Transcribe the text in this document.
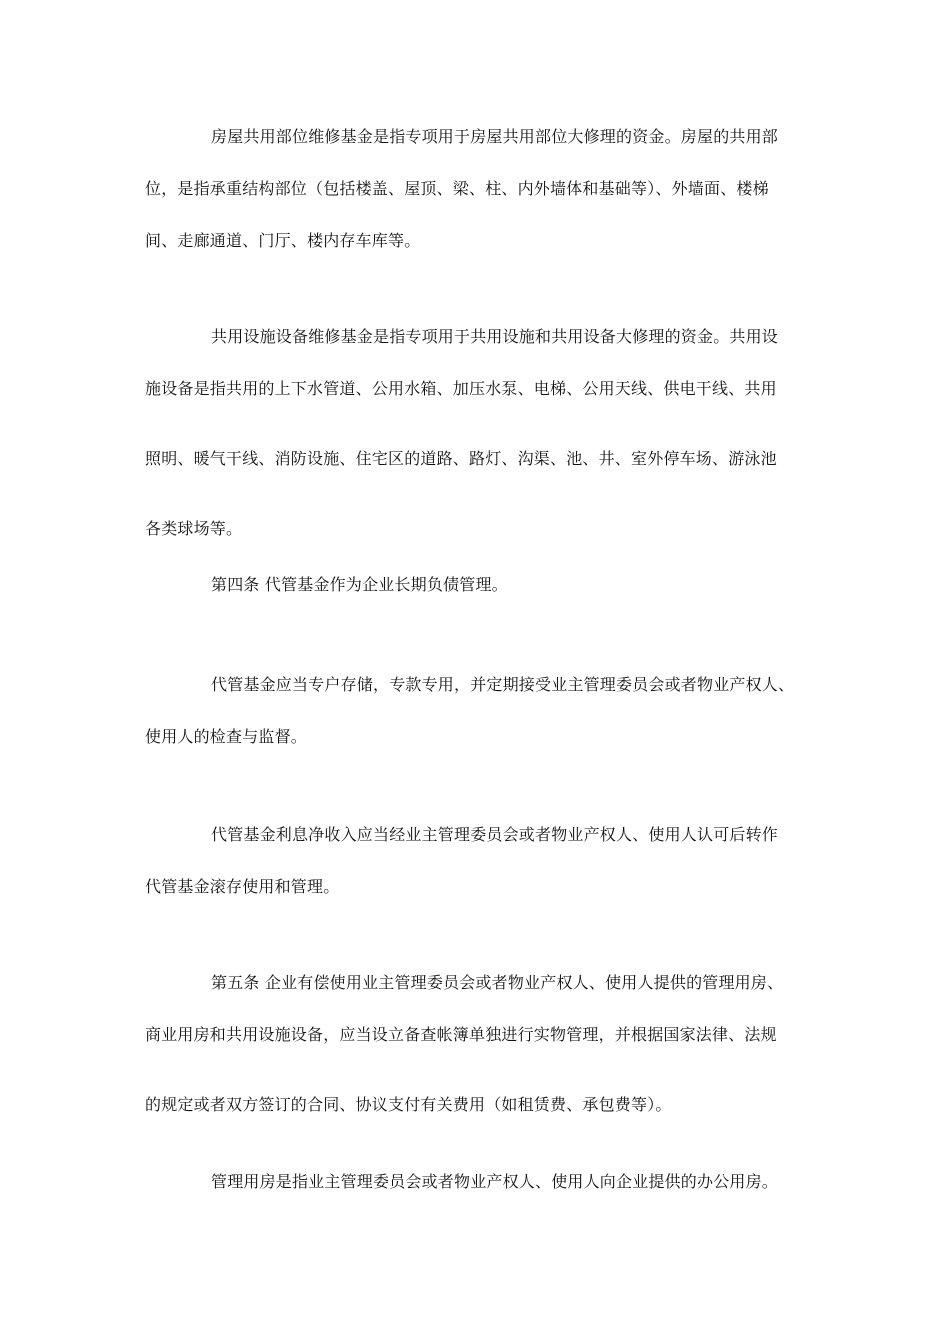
房屋共用部位维修基金是指专项用于房屋共用部位大修理的资金。房屋的共用部
位，是指承重结构部位（包括楼盖、屋顶、梁、柱、内外墙体和基础等）、外墙面、楼梯
间、走廊通道、门厅、楼内存车库等。
共用设施设备维修基金是指专项用于共用设施和共用设备大修理的资金。共用设
施设备是指共用的上下水管道、公用水箱、加压水泵、电梯、公用天线、供电干线、共用
照明、暖气干线、消防设施、住宅区的道路、路灯、沟渠、池、井、室外停车场、游泳池
各类球场等。
第四条 代管基金作为企业长期负债管理。
代管基金应当专户存储，专款专用，并定期接受业主管理委员会或者物业产权人、
使用人的检查与监督。
代管基金利息净收入应当经业主管理委员会或者物业产权人、使用人认可后转作
代管基金滚存使用和管理。
第五条 企业有偿使用业主管理委员会或者物业产权人、使用人提供的管理用房、
商业用房和共用设施设备，应当设立备查帐簿单独进行实物管理，并根据国家法律、法规
的规定或者双方签订的合同、协议支付有关费用（如租赁费、承包费等）。
管理用房是指业主管理委员会或者物业产权人、使用人向企业提供的办公用房。
